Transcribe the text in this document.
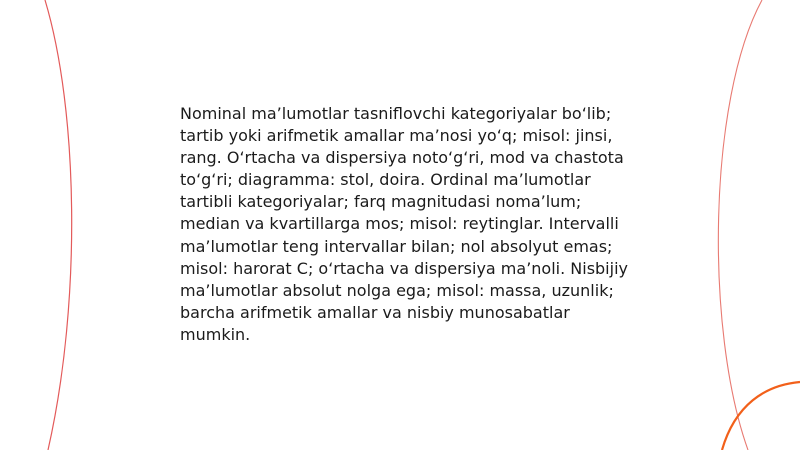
Nominal ma’lumotlar tasniflovchi kategoriyalar bo‘lib; tartib yoki arifmetik amallar ma’nosi yo‘q; misol: jinsi, rang. O‘rtacha va dispersiya noto‘g‘ri, mod va chastota to‘g‘ri; diagramma: stol, doira. Ordinal ma’lumotlar tartibli kategoriyalar; farq magnitudasi noma’lum; median va kvartillarga mos; misol: reytinglar. Intervalli ma’lumotlar teng intervallar bilan; nol absolyut emas; misol: harorat C; o‘rtacha va dispersiya ma’noli. Nisbijiy ma’lumotlar absolut nolga ega; misol: massa, uzunlik; barcha arifmetik amallar va nisbiy munosabatlar mumkin.
